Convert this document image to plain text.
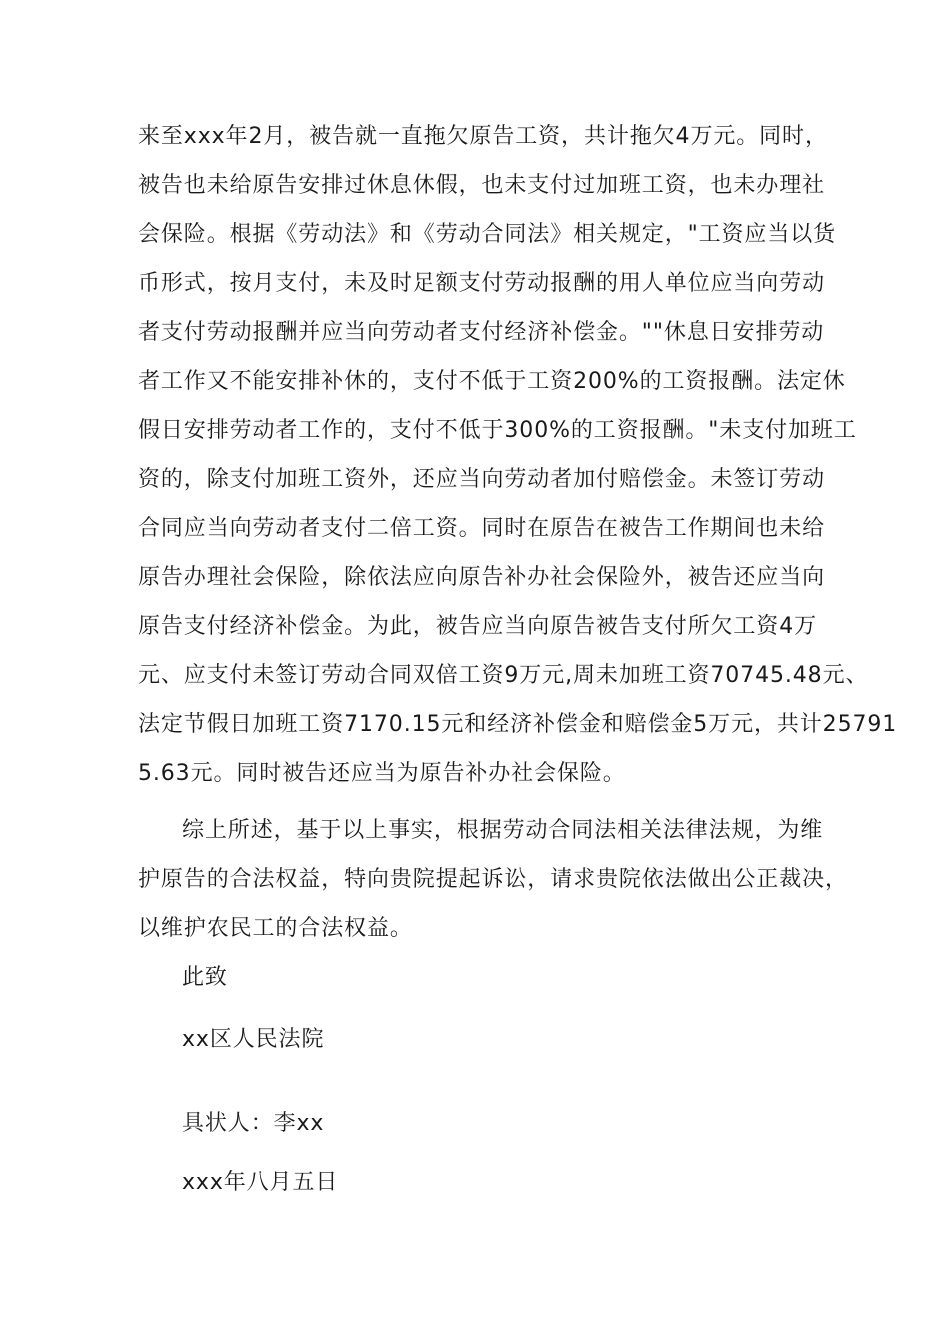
来至xxx年2月，被告就一直拖欠原告工资，共计拖欠4万元。同时，
被告也未给原告安排过休息休假，也未支付过加班工资，也未办理社
会保险。根据《劳动法》和《劳动合同法》相关规定，"工资应当以货
币形式，按月支付，未及时足额支付劳动报酬的用人单位应当向劳动
者支付劳动报酬并应当向劳动者支付经济补偿金。""休息日安排劳动
者工作又不能安排补休的，支付不低于工资200%的工资报酬。法定休
假日安排劳动者工作的，支付不低于300%的工资报酬。"未支付加班工
资的，除支付加班工资外，还应当向劳动者加付赔偿金。未签订劳动
合同应当向劳动者支付二倍工资。同时在原告在被告工作期间也未给
原告办理社会保险，除依法应向原告补办社会保险外，被告还应当向
原告支付经济补偿金。为此，被告应当向原告被告支付所欠工资4万
元、应支付未签订劳动合同双倍工资9万元,周未加班工资70745.48元、
法定节假日加班工资7170.15元和经济补偿金和赔偿金5万元，共计25791
5.63元。同时被告还应当为原告补办社会保险。
综上所述，基于以上事实，根据劳动合同法相关法律法规，为维
护原告的合法权益，特向贵院提起诉讼，请求贵院依法做出公正裁决，
以维护农民工的合法权益。
此致
xx区人民法院
具状人：李xx
xxx年八月五日
